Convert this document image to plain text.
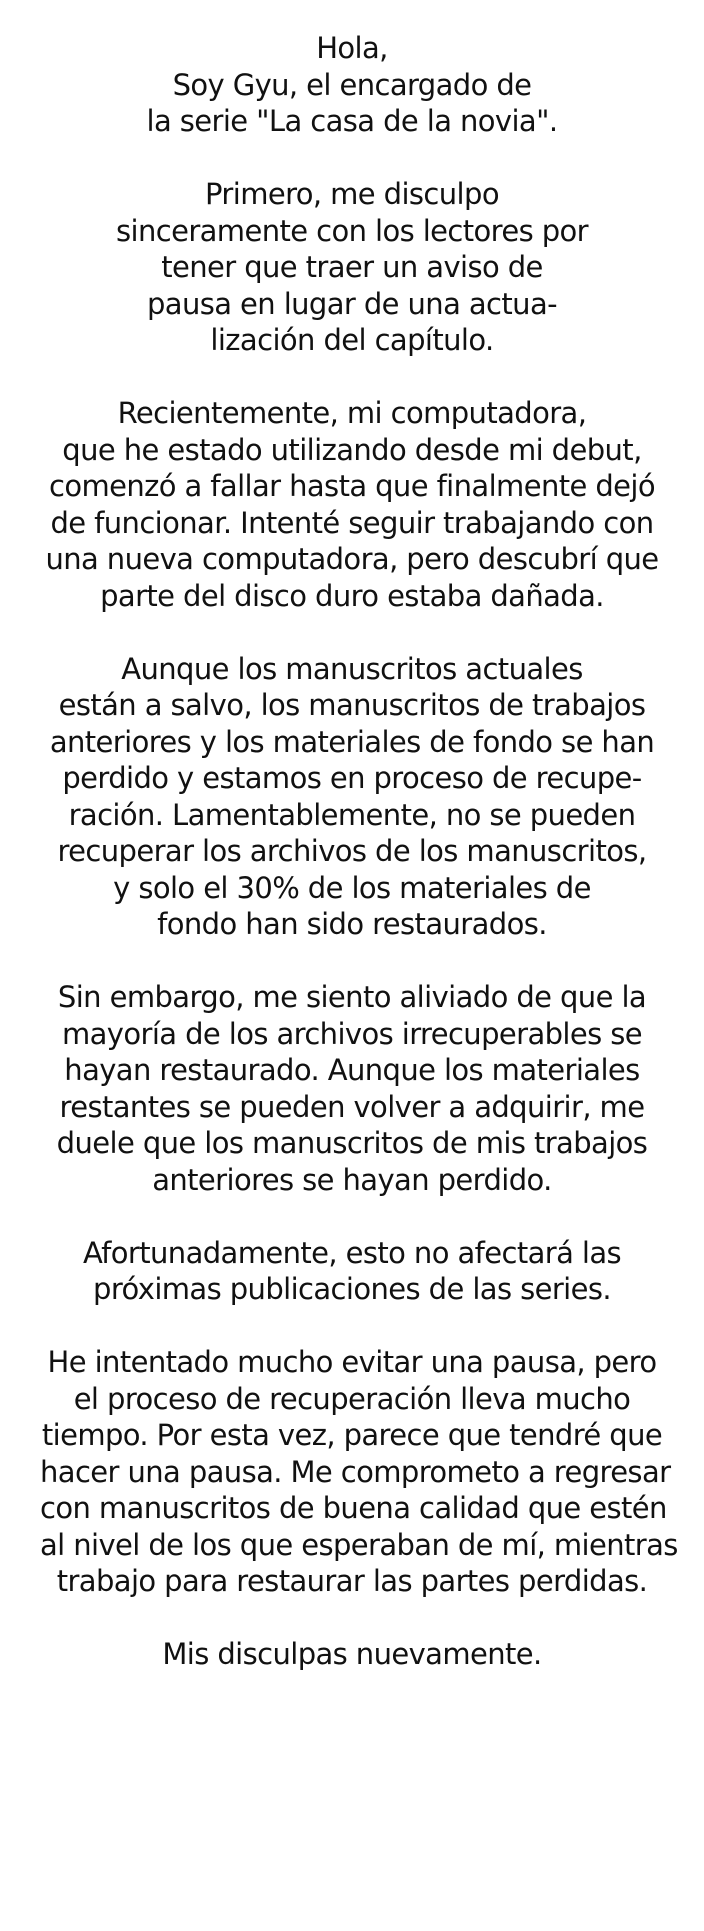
Hola,
Soy Gyu, el encargado de
la serie "La casa de la novia".

Primero, me disculpo
sinceramente con los lectores por
tener que traer un aviso de
pausa en lugar de una actua-
lización del capítulo.

Recientemente, mi computadora,
que he estado utilizando desde mi debut,
comenzó a fallar hasta que finalmente dejó
de funcionar. Intenté seguir trabajando con
una nueva computadora, pero descubrí que
parte del disco duro estaba dañada.

Aunque los manuscritos actuales
están a salvo, los manuscritos de trabajos
anteriores y los materiales de fondo se han
perdido y estamos en proceso de recupe-
ración. Lamentablemente, no se pueden
recuperar los archivos de los manuscritos,
y solo el 30% de los materiales de
fondo han sido restaurados.

Sin embargo, me siento aliviado de que la
mayoría de los archivos irrecuperables se
hayan restaurado. Aunque los materiales
restantes se pueden volver a adquirir, me
duele que los manuscritos de mis trabajos
anteriores se hayan perdido.

Afortunadamente, esto no afectará las
próximas publicaciones de las series.

He intentado mucho evitar una pausa, pero
el proceso de recuperación lleva mucho
tiempo. Por esta vez, parece que tendré que
hacer una pausa. Me comprometo a regresar
con manuscritos de buena calidad que estén
al nivel de los que esperaban de mí, mientras
trabajo para restaurar las partes perdidas.

Mis disculpas nuevamente.
